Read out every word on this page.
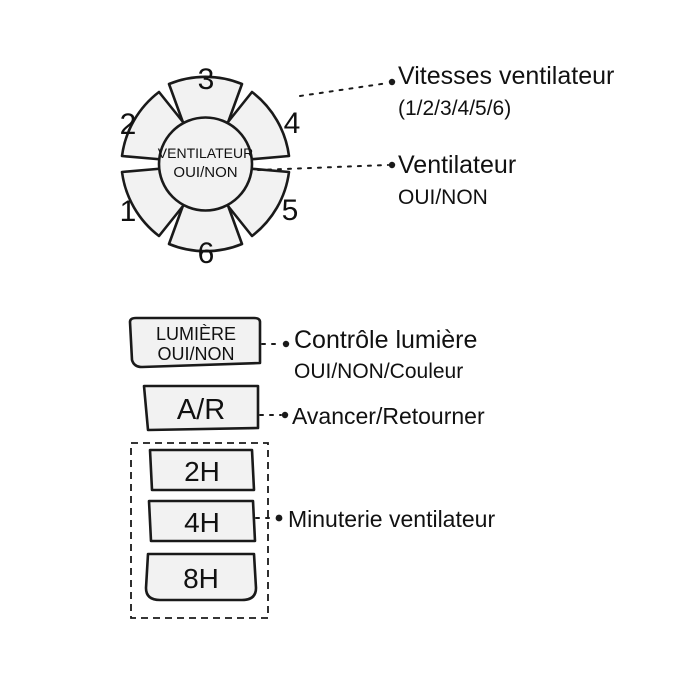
3
4
5
6
1
2
VENTILATEUR
OUI/NON
LUMIÈRE
OUI/NON
A/R
2H
4H
8H
Vitesses ventilateur
(1/2/3/4/5/6)
Ventilateur
OUI/NON
Contrôle lumière
OUI/NON/Couleur
Avancer/Retourner
Minuterie ventilateur
